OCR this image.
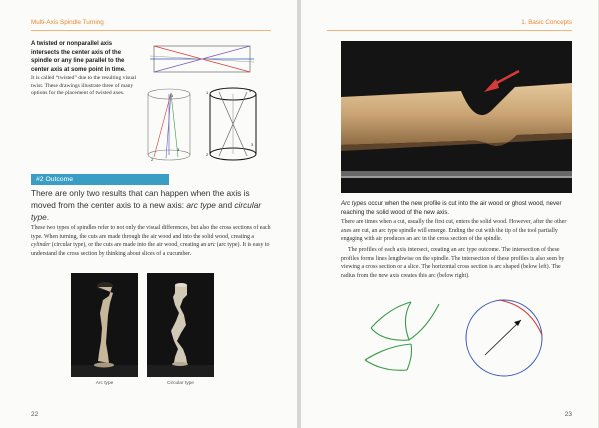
Multi-Axis Spindle Turning
A twisted or nonparallel axis intersects the center axis of the spindle or any line parallel to the center axis at some point in time.
It is called “twisted” due to the resulting visual twist. These drawings illustrate three of many options for the placement of twisted axes.	1
2
3
1
2
3
4
#2 Outcome
There are only two results that can happen when the axis is moved from the center axis to a new axis: arc type and circular type.
These two types of spindles refer to not only the visual differences, but also the cross sections of each type. When turning, the cuts are made through the air wood and into the solid wood, creating a cylinder (circular type), or the cuts are made into the air wood, creating an arc (arc type). It is easy to understand the cross section by thinking about slices of a cucumber.
Arc type	Circular type
22
1. Basic Concepts
Arc types occur when the new profile is cut into the air wood or ghost wood, never reaching the solid wood of the new axis.
There are times when a cut, usually the first cut, enters the solid wood. However, after the other axes are cut, an arc type spindle will emerge. Ending the cut with the tip of the tool partially engaging with air produces an arc in the cross section of the spindle.
The profiles of each axis intersect, creating an arc type outcome. The intersection of these profiles forms lines lengthwise on the spindle. The intersection of these profiles is also seen by viewing a cross section or a slice. The horizontal cross section is arc shaped (below left). The radius from the new axis creates this arc (below right).
23
